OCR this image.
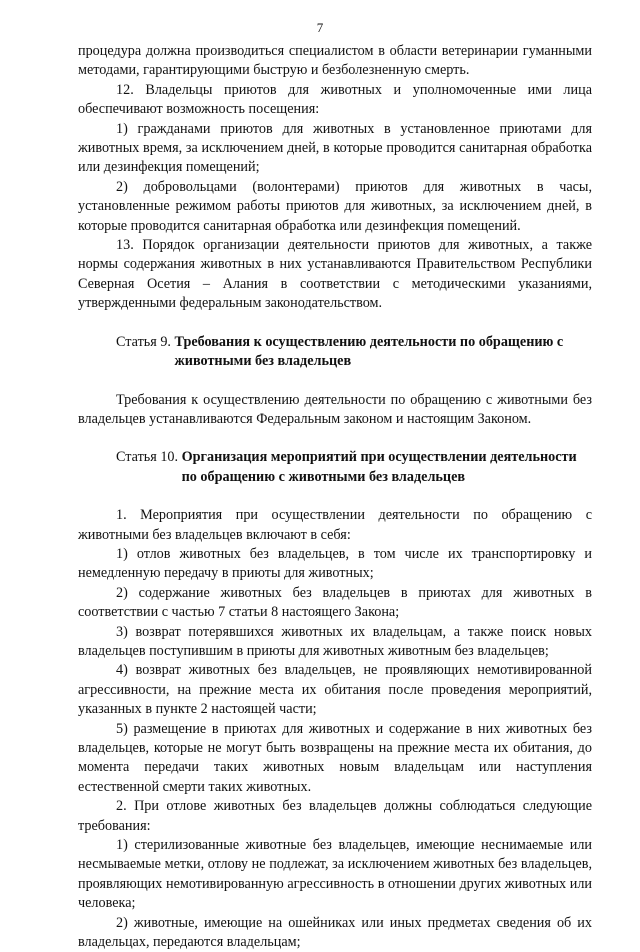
7

процедура должна производиться специалистом в области ветеринарии гуманными методами, гарантирующими быструю и безболезненную смерть.

12. Владельцы приютов для животных и уполномоченные ими лица обеспечивают возможность посещения:

1) гражданами приютов для животных в установленное приютами для животных время, за исключением дней, в которые проводится санитарная обработка или дезинфекция помещений;

2) добровольцами (волонтерами) приютов для животных в часы, установленные режимом работы приютов для животных, за исключением дней, в которые проводится санитарная обработка или дезинфекция помещений.

13. Порядок организации деятельности приютов для животных, а также нормы содержания животных в них устанавливаются Правительством Республики Северная Осетия – Алания в соответствии с методическими указаниями, утвержденными федеральным законодательством.

Статья 9. Требования к осуществлению деятельности по обращению с животными без владельцев

Требования к осуществлению деятельности по обращению с животными без владельцев устанавливаются Федеральным законом и настоящим Законом.

Статья 10. Организация мероприятий при осуществлении деятельности по обращению с животными без владельцев

1. Мероприятия при осуществлении деятельности по обращению с животными без владельцев включают в себя:

1) отлов животных без владельцев, в том числе их транспортировку и немедленную передачу в приюты для животных;

2) содержание животных без владельцев в приютах для животных в соответствии с частью 7 статьи 8 настоящего Закона;

3) возврат потерявшихся животных их владельцам, а также поиск новых владельцев поступившим в приюты для животных животным без владельцев;

4) возврат животных без владельцев, не проявляющих немотивированной агрессивности, на прежние места их обитания после проведения мероприятий, указанных в пункте 2 настоящей части;

5) размещение в приютах для животных и содержание в них животных без владельцев, которые не могут быть возвращены на прежние места их обитания, до момента передачи таких животных новым владельцам или наступления естественной смерти таких животных.

2. При отлове животных без владельцев должны соблюдаться следующие требования:

1) стерилизованные животные без владельцев, имеющие неснимаемые или несмываемые метки, отлову не подлежат, за исключением животных без владельцев, проявляющих немотивированную агрессивность в отношении других животных или человека;

2) животные, имеющие на ошейниках или иных предметах сведения об их владельцах, передаются владельцам;
